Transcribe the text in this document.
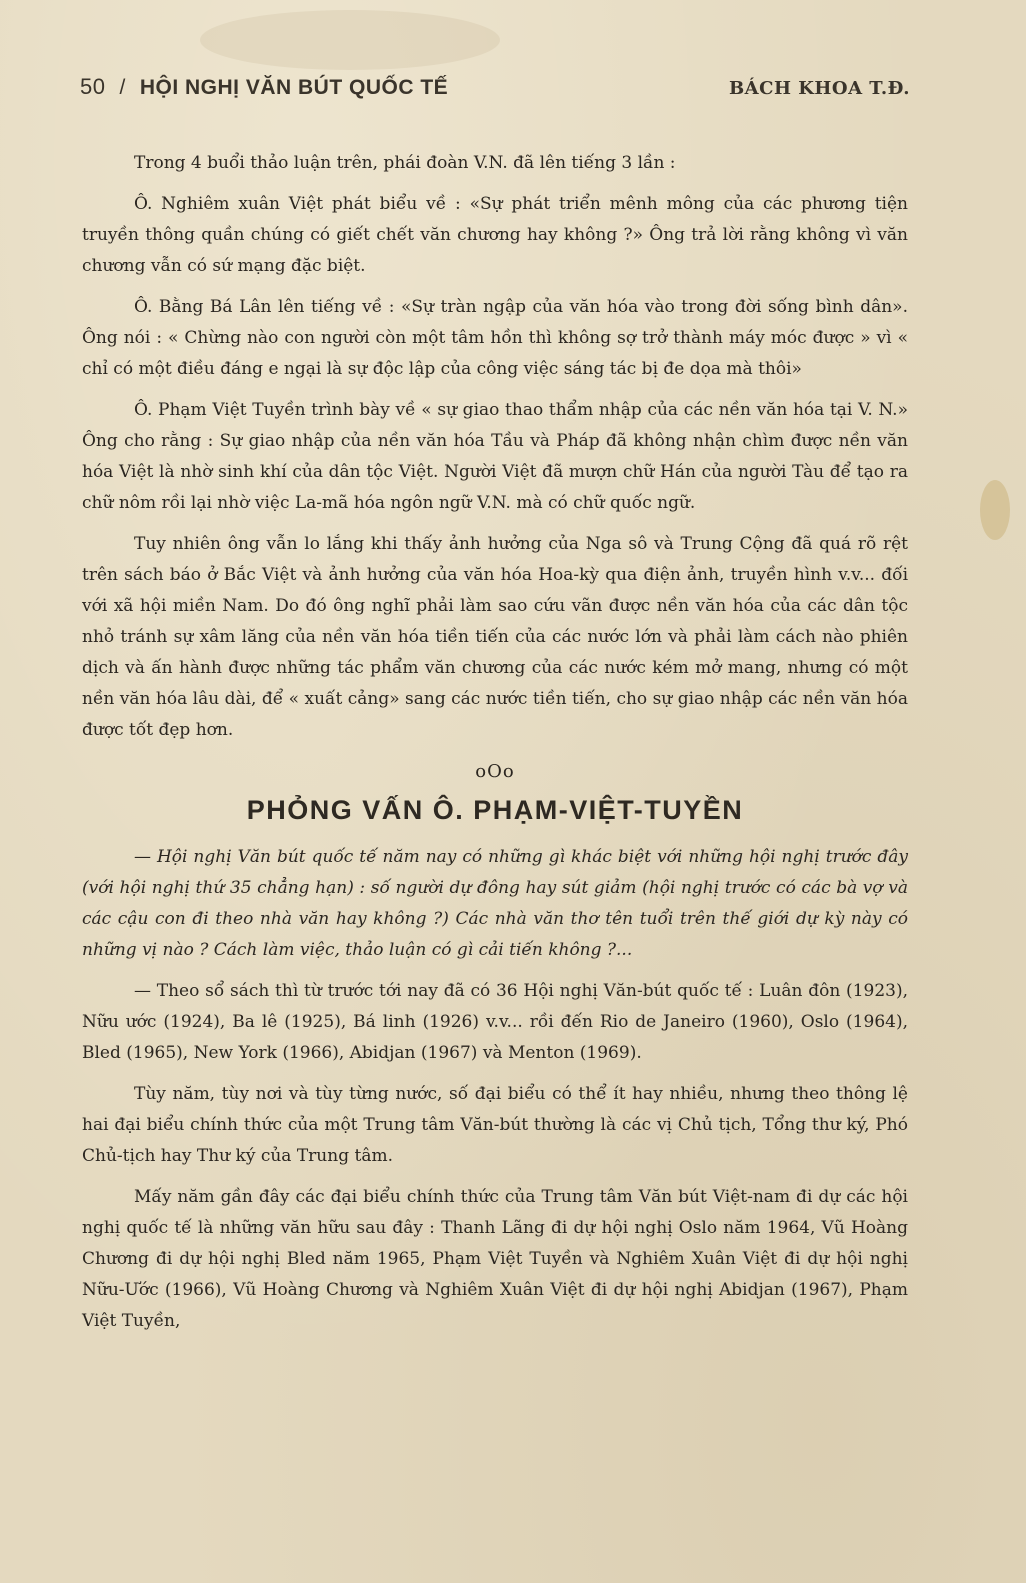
50 / HỘI NGHỊ VĂN BÚT QUỐC TẾ	BÁCH KHOA T.Đ.

Trong 4 buổi thảo luận trên, phái đoàn V.N. đã lên tiếng 3 lần :

Ô. Nghiêm xuân Việt phát biểu về : «Sự phát triển mênh mông của các phương tiện truyền thông quần chúng có giết chết văn chương hay không ?» Ông trả lời rằng không vì văn chương vẫn có sứ mạng đặc biệt.

Ô. Bằng Bá Lân lên tiếng về : «Sự tràn ngập của văn hóa vào trong đời sống bình dân». Ông nói : « Chừng nào con người còn một tâm hồn thì không sợ trở thành máy móc được » vì « chỉ có một điều đáng e ngại là sự độc lập của công việc sáng tác bị đe dọa mà thôi»

Ô. Phạm Việt Tuyền trình bày về « sự giao thao thẩm nhập của các nền văn hóa tại V. N.» Ông cho rằng : Sự giao nhập của nền văn hóa Tầu và Pháp đã không nhận chìm được nền văn hóa Việt là nhờ sinh khí của dân tộc Việt. Người Việt đã mượn chữ Hán của người Tàu để tạo ra chữ nôm rồi lại nhờ việc La-mã hóa ngôn ngữ V.N. mà có chữ quốc ngữ.

Tuy nhiên ông vẫn lo lắng khi thấy ảnh hưởng của Nga sô và Trung Cộng đã quá rõ rệt trên sách báo ở Bắc Việt và ảnh hưởng của văn hóa Hoa-kỳ qua điện ảnh, truyền hình v.v... đối với xã hội miền Nam. Do đó ông nghĩ phải làm sao cứu vãn được nền văn hóa của các dân tộc nhỏ tránh sự xâm lăng của nền văn hóa tiền tiến của các nước lớn và phải làm cách nào phiên dịch và ấn hành được những tác phẩm văn chương của các nước kém mở mang, nhưng có một nền văn hóa lâu dài, để « xuất cảng» sang các nước tiền tiến, cho sự giao nhập các nền văn hóa được tốt đẹp hơn.

oOo
PHỎNG VẤN Ô. PHẠM-VIỆT-TUYỀN

— Hội nghị Văn bút quốc tế năm nay có những gì khác biệt với những hội nghị trước đây (với hội nghị thứ 35 chẳng hạn) : số người dự đông hay sút giảm (hội nghị trước có các bà vợ và các cậu con đi theo nhà văn hay không ?) Các nhà văn thơ tên tuổi trên thế giới dự kỳ này có những vị nào ? Cách làm việc, thảo luận có gì cải tiến không ?...

— Theo sổ sách thì từ trước tới nay đã có 36 Hội nghị Văn-bút quốc tế : Luân đôn (1923), Nữu ước (1924), Ba lê (1925), Bá linh (1926) v.v... rồi đến Rio de Janeiro (1960), Oslo (1964), Bled (1965), New York (1966), Abidjan (1967) và Menton (1969).

Tùy năm, tùy nơi và tùy từng nước, số đại biểu có thể ít hay nhiều, nhưng theo thông lệ hai đại biểu chính thức của một Trung tâm Văn-bút thường là các vị Chủ tịch, Tổng thư ký, Phó Chủ-tịch hay Thư ký của Trung tâm.

Mấy năm gần đây các đại biểu chính thức của Trung tâm Văn bút Việt-nam đi dự các hội nghị quốc tế là những văn hữu sau đây : Thanh Lãng đi dự hội nghị Oslo năm 1964, Vũ Hoàng Chương đi dự hội nghị Bled năm 1965, Phạm Việt Tuyền và Nghiêm Xuân Việt đi dự hội nghị Nữu-Ước (1966), Vũ Hoàng Chương và Nghiêm Xuân Việt đi dự hội nghị Abidjan (1967), Phạm Việt Tuyền,
